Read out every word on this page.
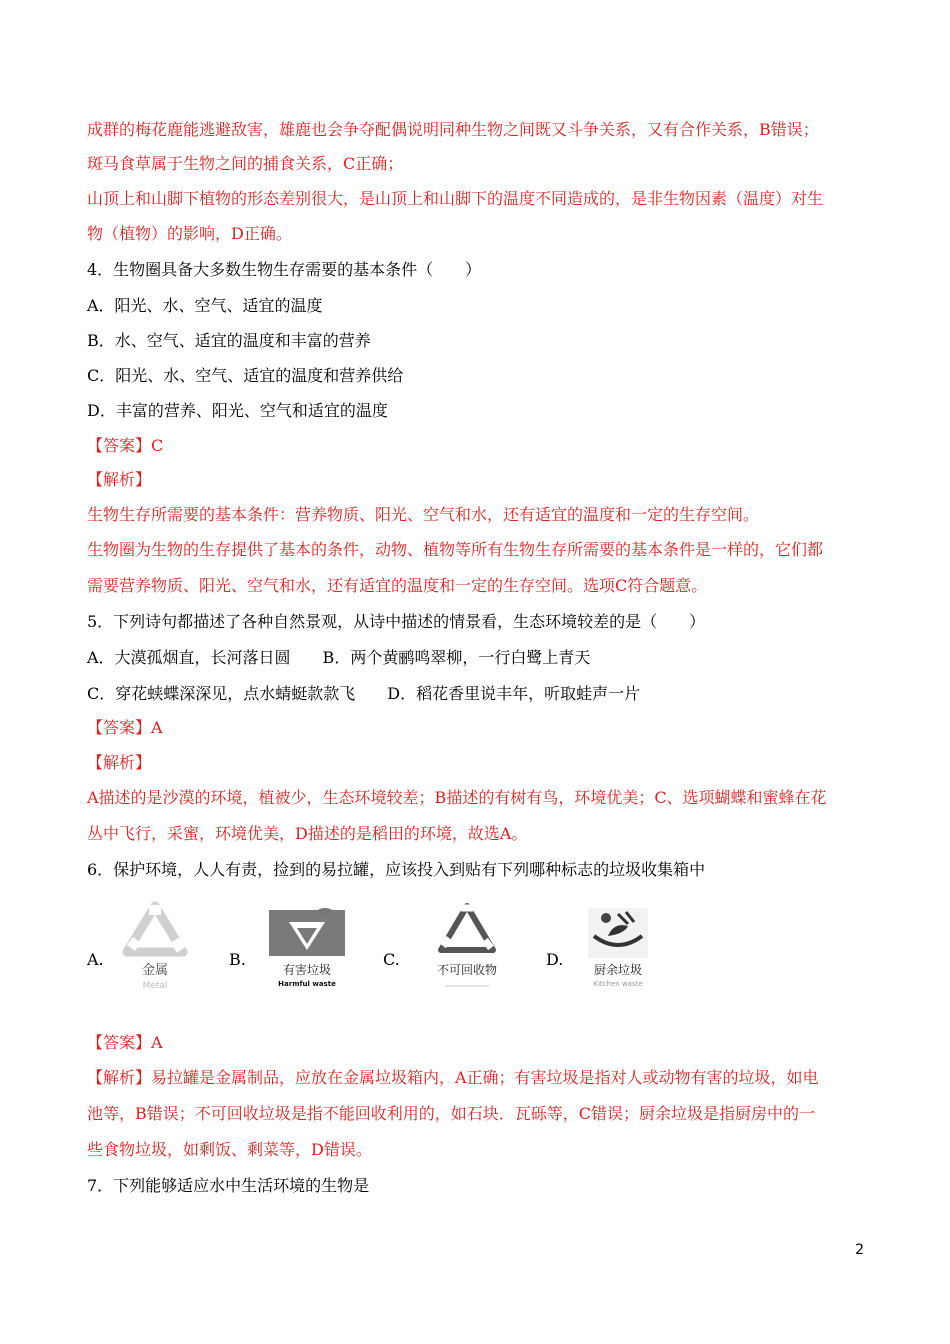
成群的梅花鹿能逃避敌害，雄鹿也会争夺配偶说明同种生物之间既又斗争关系，又有合作关系，B错误；
斑马食草属于生物之间的捕食关系，C正确；
山顶上和山脚下植物的形态差别很大，是山顶上和山脚下的温度不同造成的，是非生物因素（温度）对生
物（植物）的影响，D正确。
4．生物圈具备大多数生物生存需要的基本条件（　　）
A．阳光、水、空气、适宜的温度
B．水、空气、适宜的温度和丰富的营养
C．阳光、水、空气、适宜的温度和营养供给
D．丰富的营养、阳光、空气和适宜的温度
【答案】C
【解析】
生物生存所需要的基本条件：营养物质、阳光、空气和水，还有适宜的温度和一定的生存空间。
生物圈为生物的生存提供了基本的条件，动物、植物等所有生物生存所需要的基本条件是一样的，它们都
需要营养物质、阳光、空气和水，还有适宜的温度和一定的生存空间。选项C符合题意。
5．下列诗句都描述了各种自然景观，从诗中描述的情景看，生态环境较差的是（　　）
A．大漠孤烟直，长河落日圆　　B．两个黄鹂鸣翠柳，一行白鹭上青天
C．穿花蛱蝶深深见，点水蜻蜓款款飞　　D．稻花香里说丰年，听取蛙声一片
【答案】A
【解析】
A描述的是沙漠的环境，植被少，生态环境较差；B描述的有树有鸟，环境优美；C、选项蝴蝶和蜜蜂在花
丛中飞行，采蜜，环境优美，D描述的是稻田的环境，故选A。
6．保护环境，人人有责，捡到的易拉罐，应该投入到贴有下列哪种标志的垃圾收集箱中
A.
金属
Metal
B.
有害垃圾
Harmful waste
C.
不可回收物
D.
厨余垃圾
Kitchen waste
【答案】A
【解析】易拉罐是金属制品，应放在金属垃圾箱内，A正确；有害垃圾是指对人或动物有害的垃圾，如电
池等，B错误；不可回收垃圾是指不能回收利用的，如石块．瓦砾等，C错误；厨余垃圾是指厨房中的一
些食物垃圾，如剩饭、剩菜等，D错误。
7．下列能够适应水中生活环境的生物是
2
